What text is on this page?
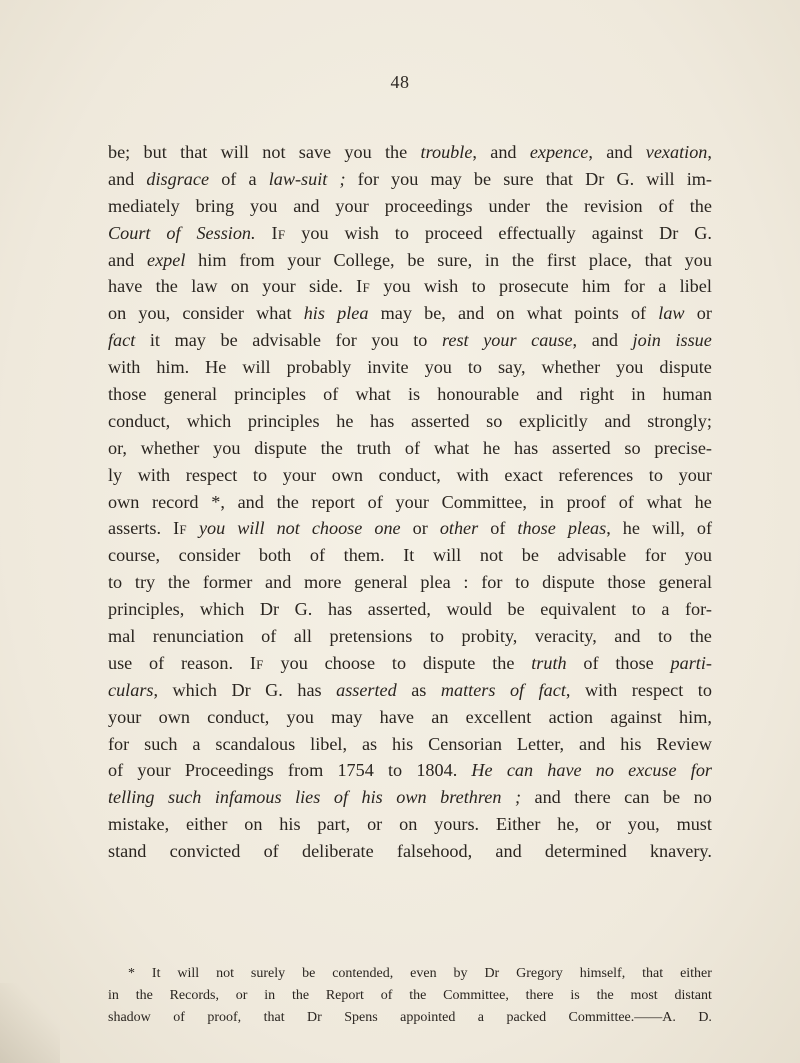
48
be; but that will not save you the trouble, and expence, and vexation,
and disgrace of a law-suit ; for you may be sure that Dr G. will im-
mediately bring you and your proceedings under the revision of the
Court of Session. If you wish to proceed effectually against Dr G.
and expel him from your College, be sure, in the first place, that you
have the law on your side. If you wish to prosecute him for a libel
on you, consider what his plea may be, and on what points of law or
fact it may be advisable for you to rest your cause, and join issue
with him. He will probably invite you to say, whether you dispute
those general principles of what is honourable and right in human
conduct, which principles he has asserted so explicitly and strongly;
or, whether you dispute the truth of what he has asserted so precise-
ly with respect to your own conduct, with exact references to your
own record *, and the report of your Committee, in proof of what he
asserts. If you will not choose one or other of those pleas, he will, of
course, consider both of them. It will not be advisable for you
to try the former and more general plea : for to dispute those general
principles, which Dr G. has asserted, would be equivalent to a for-
mal renunciation of all pretensions to probity, veracity, and to the
use of reason. If you choose to dispute the truth of those parti-
culars, which Dr G. has asserted as matters of fact, with respect to
your own conduct, you may have an excellent action against him,
for such a scandalous libel, as his Censorian Letter, and his Review
of your Proceedings from 1754 to 1804. He can have no excuse for
telling such infamous lies of his own brethren ; and there can be no
mistake, either on his part, or on yours. Either he, or you, must
stand convicted of deliberate falsehood, and determined knavery.
* It will not surely be contended, even by Dr Gregory himself, that either
in the Records, or in the Report of the Committee, there is the most distant
shadow of proof, that Dr Spens appointed a packed Committee.——A. D.
